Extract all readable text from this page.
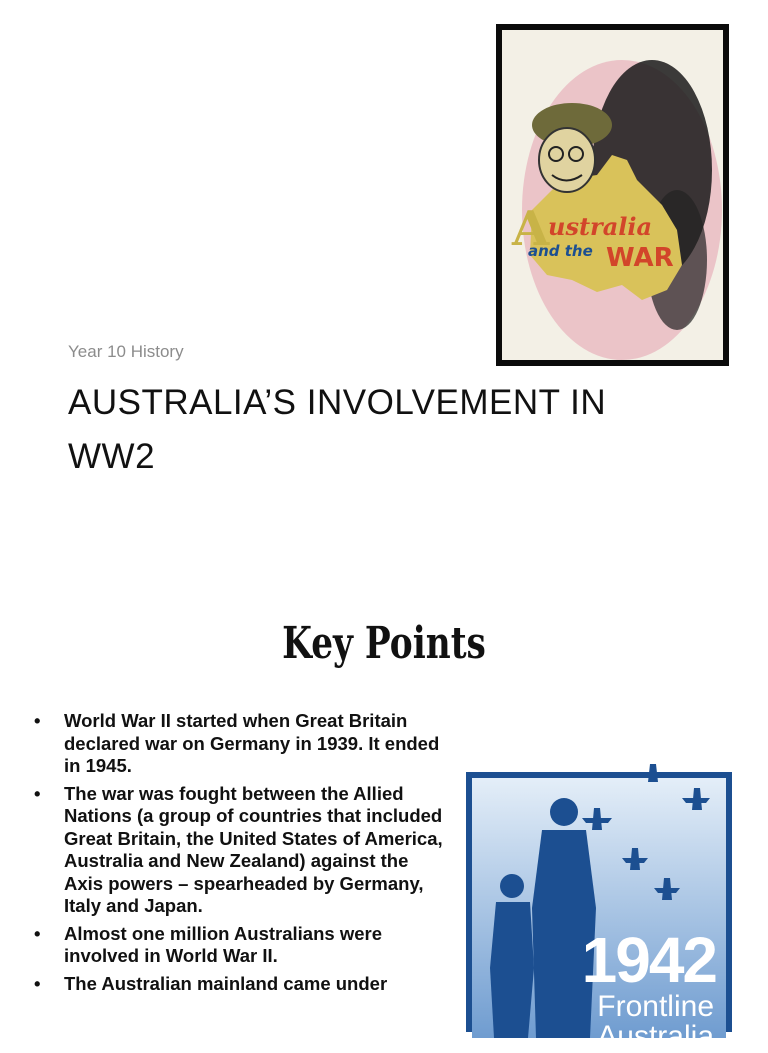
Year 10 History

AUSTRALIA’S INVOLVEMENT IN WW2
A
ustralia
and the WAR
Key Points
• World War II started when Great Britain declared war on Germany in 1939. It ended in 1945.
• The war was fought between the Allied Nations (a group of countries that included Great Britain, the United States of America, Australia and New Zealand) against the Axis powers – spearheaded by Germany, Italy and Japan.
• Almost one million Australians were involved in World War II.
• The Australian mainland came under	1942
Frontline
Australia
